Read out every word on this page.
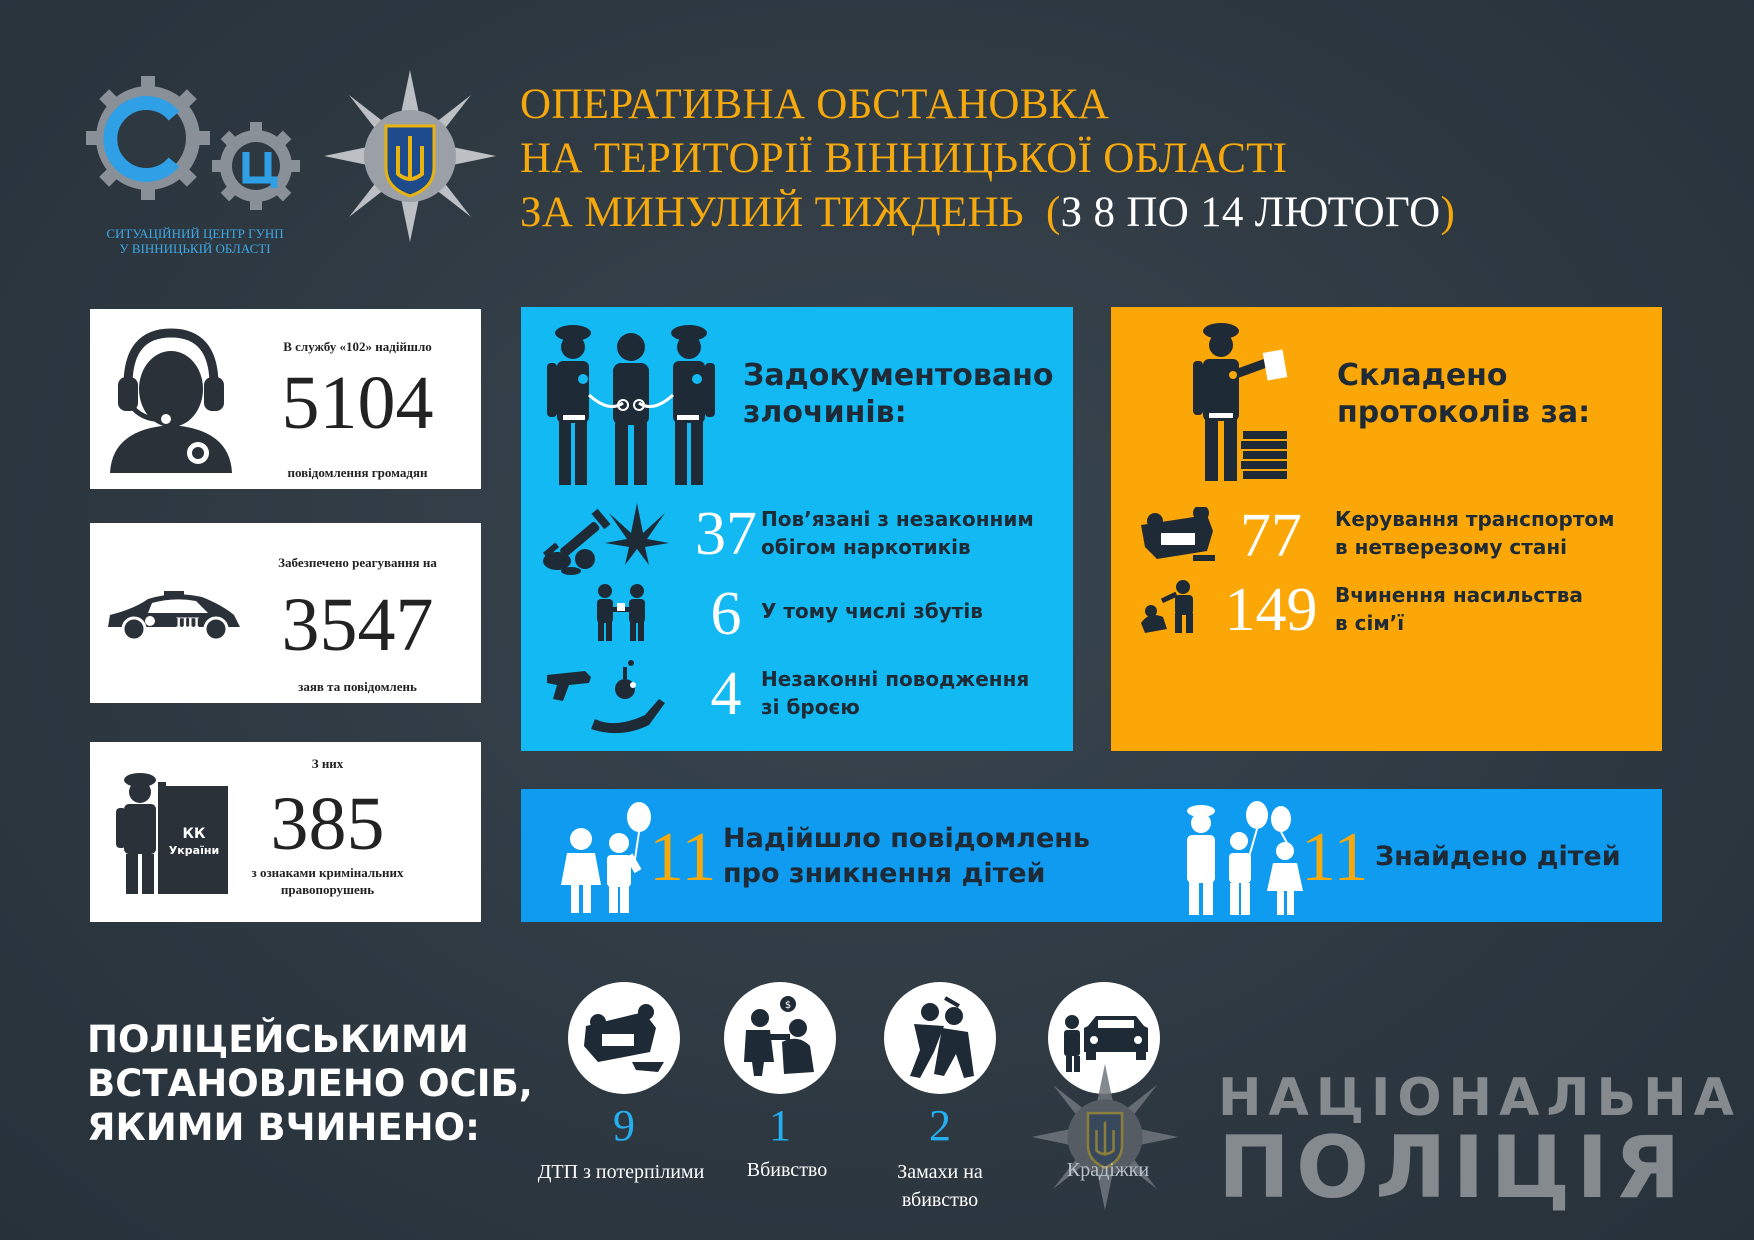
СИТУАЦІЙНИЙ ЦЕНТР ГУНП
У ВІННИЦЬКІЙ ОБЛАСТІ
ОПЕРАТИВНА ОБСТАНОВКА
НА ТЕРИТОРІЇ ВІННИЦЬКОЇ ОБЛАСТІ
ЗА МИНУЛИЙ ТИЖДЕНЬ (З 8 ПО 14 ЛЮТОГО)
В службу «102» надійшло
5104
повідомлення громадян
ПП
Забезпечено реагування на
3547
заяв та повідомлень
КК
України
З них
385
з ознаками кримінальних
правопорушень
Задокументовано
злочинів:
37 Пов’язані з незаконним
обігом наркотиків
6 У тому числі збутів
4 Незаконні поводження
зі броєю
Складено
протоколів за:
77	Керування транспортом
в нетверезому стані
149 Вчинення насильства
в сім’ї
11 Надійшло повідомлень
про зникнення дітей	11 Знайдено дітей
ПОЛІЦЕЙСЬКИМИ
ВСТАНОВЛЕНО ОСІБ,
ЯКИМИ ВЧИНЕНО:
$
9	1	2
ДТП з потерпілими	Вбивство	Замахи на
вбивство
Крадіжки
НАЦІОНАЛЬНА
ПОЛІЦІЯ
